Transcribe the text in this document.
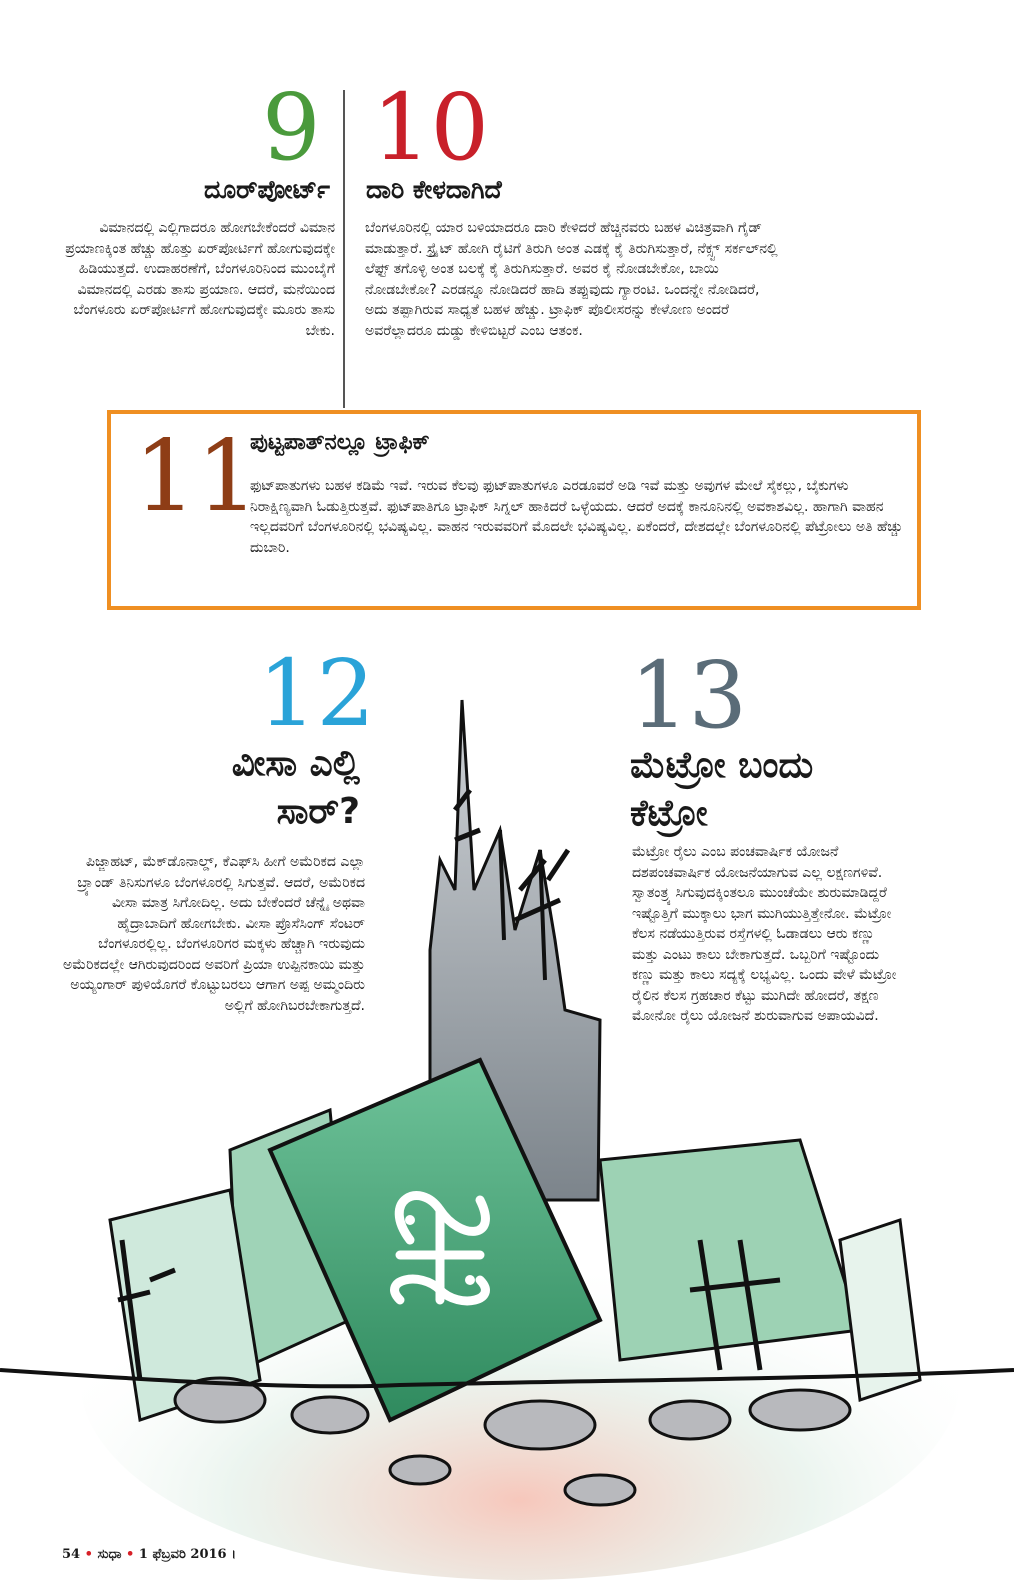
9
ದೂರ್‌ಪೋರ್ಟ್
ವಿಮಾನದಲ್ಲಿ ಎಲ್ಲಿಗಾದರೂ ಹೋಗಬೇಕೆಂದರೆ ವಿಮಾನ ಪ್ರಯಾಣಕ್ಕಿಂತ ಹೆಚ್ಚು ಹೊತ್ತು ಏರ್‌ಪೋರ್ಟಿಗೆ ಹೋಗುವುದಕ್ಕೇ ಹಿಡಿಯುತ್ತದೆ. ಉದಾಹರಣೆಗೆ, ಬೆಂಗಳೂರಿನಿಂದ ಮುಂಬೈಗೆ ವಿಮಾನದಲ್ಲಿ ಎರಡು ತಾಸು ಪ್ರಯಾಣ. ಆದರೆ, ಮನೆಯಿಂದ ಬೆಂಗಳೂರು ಏರ್‌ಪೋರ್ಟಿಗೆ ಹೋಗುವುದಕ್ಕೇ ಮೂರು ತಾಸು ಬೇಕು.
10
ದಾರಿ ಕೇಳದಾಗಿದೆ
ಬೆಂಗಳೂರಿನಲ್ಲಿ ಯಾರ ಬಳಿಯಾದರೂ ದಾರಿ ಕೇಳಿದರೆ ಹೆಚ್ಚಿನವರು ಬಹಳ ವಿಚಿತ್ರವಾಗಿ ಗೈಡ್ ಮಾಡುತ್ತಾರೆ. ಸ್ಟ್ರೈಟ್ ಹೋಗಿ ರೈಟಿಗೆ ತಿರುಗಿ ಅಂತ ಎಡಕ್ಕೆ ಕೈ ತಿರುಗಿಸುತ್ತಾರೆ, ನೆಕ್ಸ್ಟ್ ಸರ್ಕಲ್‌ನಲ್ಲಿ ಲೆಫ್ಟ್ ತಗೊಳ್ಳಿ ಅಂತ ಬಲಕ್ಕೆ ಕೈ ತಿರುಗಿಸುತ್ತಾರೆ. ಅವರ ಕೈ ನೋಡಬೇಕೋ, ಬಾಯಿ ನೋಡಬೇಕೋ? ಎರಡನ್ನೂ ನೋಡಿದರೆ ಹಾದಿ ತಪ್ಪುವುದು ಗ್ಯಾರಂಟಿ. ಒಂದನ್ನೇ ನೋಡಿದರೆ, ಅದು ತಪ್ಪಾಗಿರುವ ಸಾಧ್ಯತೆ ಬಹಳ ಹೆಚ್ಚು. ಟ್ರಾಫಿಕ್ ಪೊಲೀಸರನ್ನು ಕೇಳೋಣ ಅಂದರೆ ಅವರೆಲ್ಲಾದರೂ ದುಡ್ಡು ಕೇಳಿಬಿಟ್ಟರೆ ಎಂಬ ಆತಂಕ.
11
ಪುಟ್ಟಪಾತ್‌ನಲ್ಲೂ ಟ್ರಾಫಿಕ್
ಫುಟ್‌ಪಾತುಗಳು ಬಹಳ ಕಡಿಮೆ ಇವೆ. ಇರುವ ಕೆಲವು ಫುಟ್‌ಪಾತುಗಳೂ ಎರಡೂವರೆ ಅಡಿ ಇವೆ ಮತ್ತು ಅವುಗಳ ಮೇಲೆ ಸೈಕಲ್ಲು, ಬೈಕುಗಳು ನಿರಾಕ್ಷಿಣ್ಯವಾಗಿ ಓಡುತ್ತಿರುತ್ತವೆ. ಫುಟ್‌ಪಾತಿಗೂ ಟ್ರಾಫಿಕ್ ಸಿಗ್ನಲ್ ಹಾಕಿದರೆ ಒಳ್ಳೆಯದು. ಆದರೆ ಅದಕ್ಕೆ ಕಾನೂನಿನಲ್ಲಿ ಅವಕಾಶವಿಲ್ಲ. ಹಾಗಾಗಿ ವಾಹನ ಇಲ್ಲದವರಿಗೆ ಬೆಂಗಳೂರಿನಲ್ಲಿ ಭವಿಷ್ಯವಿಲ್ಲ. ವಾಹನ ಇರುವವರಿಗೆ ಮೊದಲೇ ಭವಿಷ್ಯವಿಲ್ಲ. ಏಕೆಂದರೆ, ದೇಶದಲ್ಲೇ ಬೆಂಗಳೂರಿನಲ್ಲಿ ಪೆಟ್ರೋಲು ಅತಿ ಹೆಚ್ಚು ದುಬಾರಿ.
12
ವೀಸಾ ಎಲ್ಲಿ
ಸಾರ್?
ಪಿಜ್ಜಾಹಟ್, ಮೆಕ್‌ಡೊನಾಲ್ಡ್, ಕೆಎಫ್‌ಸಿ ಹೀಗೆ ಅಮೆರಿಕದ ಎಲ್ಲಾ ಬ್ರ್ಯಾಂಡ್ ತಿನಿಸುಗಳೂ ಬೆಂಗಳೂರಲ್ಲಿ ಸಿಗುತ್ತವೆ. ಆದರೆ, ಅಮೆರಿಕದ ವೀಸಾ ಮಾತ್ರ ಸಿಗೋದಿಲ್ಲ. ಅದು ಬೇಕೆಂದರೆ ಚೆನ್ನೈ ಅಥವಾ ಹೈದ್ರಾಬಾದಿಗೆ ಹೋಗಬೇಕು. ವೀಸಾ ಪ್ರೊಸೆಸಿಂಗ್ ಸೆಂಟರ್ ಬೆಂಗಳೂರಲ್ಲಿಲ್ಲ. ಬೆಂಗಳೂರಿಗರ ಮಕ್ಕಳು ಹೆಚ್ಚಾಗಿ ಇರುವುದು ಅಮೆರಿಕದಲ್ಲೇ ಆಗಿರುವುದರಿಂದ ಅವರಿಗೆ ಪ್ರಿಯಾ ಉಪ್ಪಿನಕಾಯಿ ಮತ್ತು ಅಯ್ಯಂಗಾರ್ ಪುಳಿಯೊಗರೆ ಕೊಟ್ಟುಬರಲು ಆಗಾಗ ಅಪ್ಪ ಅಮ್ಮಂದಿರು ಅಲ್ಲಿಗೆ ಹೋಗಿಬರಬೇಕಾಗುತ್ತದೆ.
13
ಮೆಟ್ರೋ ಬಂದು
ಕೆಟ್ರೋ
ಮೆಟ್ರೋ ರೈಲು ಎಂಬ ಪಂಚವಾರ್ಷಿಕ ಯೋಜನೆ ದಶಪಂಚವಾರ್ಷಿಕ ಯೋಜನೆಯಾಗುವ ಎಲ್ಲ ಲಕ್ಷಣಗಳಿವೆ. ಸ್ವಾತಂತ್ರ್ಯ ಸಿಗುವುದಕ್ಕಿಂತಲೂ ಮುಂಚೆಯೇ ಶುರುಮಾಡಿದ್ದರೆ ಇಷ್ಟೊತ್ತಿಗೆ ಮುಕ್ಕಾಲು ಭಾಗ ಮುಗಿಯುತ್ತಿತ್ತೇನೋ. ಮೆಟ್ರೋ ಕೆಲಸ ನಡೆಯುತ್ತಿರುವ ರಸ್ತೆಗಳಲ್ಲಿ ಓಡಾಡಲು ಆರು ಕಣ್ಣು ಮತ್ತು ಎಂಟು ಕಾಲು ಬೇಕಾಗುತ್ತದೆ. ಒಬ್ಬರಿಗೆ ಇಷ್ಟೊಂದು ಕಣ್ಣು ಮತ್ತು ಕಾಲು ಸದ್ಯಕ್ಕೆ ಲಭ್ಯವಿಲ್ಲ. ಒಂದು ವೇಳೆ ಮೆಟ್ರೋ ರೈಲಿನ ಕೆಲಸ ಗ್ರಹಚಾರ ಕೆಟ್ಟು ಮುಗಿದೇ ಹೋದರೆ, ತಕ್ಷಣ ಮೋನೋ ರೈಲು ಯೋಜನೆ ಶುರುವಾಗುವ ಅಪಾಯವಿದೆ.
54 • ಸುಧಾ • 1 ಫೆಬ್ರವರಿ 2016 ।
